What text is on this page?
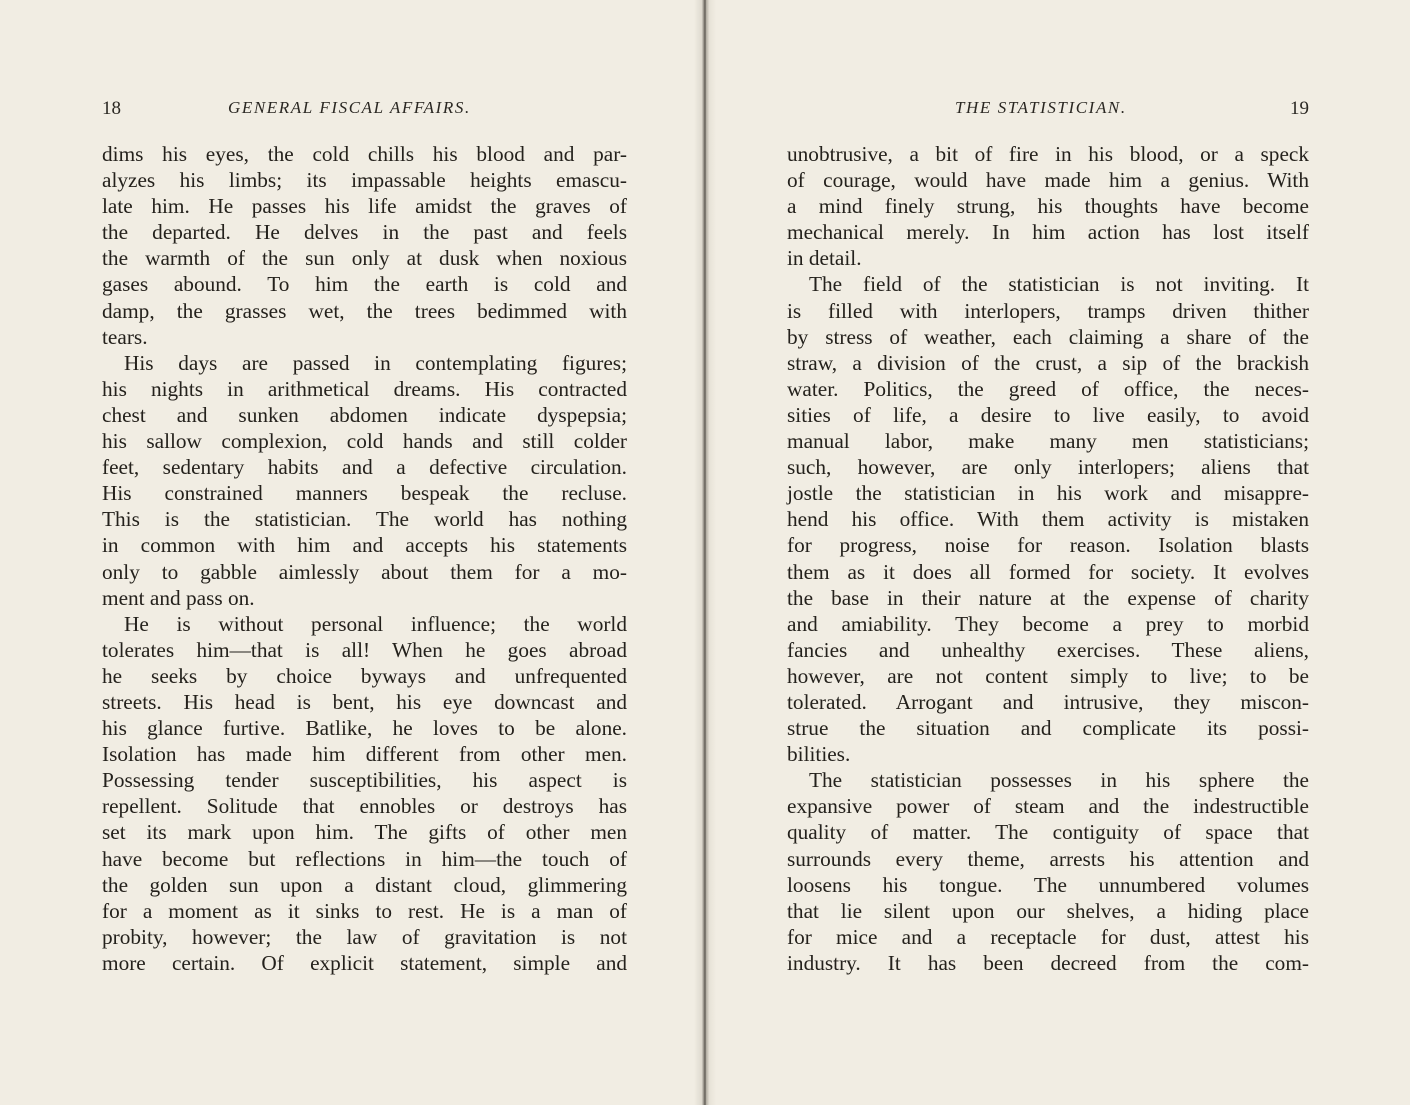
18	GENERAL FISCAL AFFAIRS.
dims his eyes, the cold chills his blood and par-
alyzes his limbs; its impassable heights emascu-
late him. He passes his life amidst the graves of
the departed. He delves in the past and feels
the warmth of the sun only at dusk when noxious
gases abound. To him the earth is cold and
damp, the grasses wet, the trees bedimmed with
tears.
His days are passed in contemplating figures;
his nights in arithmetical dreams. His contracted
chest and sunken abdomen indicate dyspepsia;
his sallow complexion, cold hands and still colder
feet, sedentary habits and a defective circulation.
His constrained manners bespeak the recluse.
This is the statistician. The world has nothing
in common with him and accepts his statements
only to gabble aimlessly about them for a mo-
ment and pass on.
He is without personal influence; the world
tolerates him—that is all! When he goes abroad
he seeks by choice byways and unfrequented
streets. His head is bent, his eye downcast and
his glance furtive. Batlike, he loves to be alone.
Isolation has made him different from other men.
Possessing tender susceptibilities, his aspect is
repellent. Solitude that ennobles or destroys has
set its mark upon him. The gifts of other men
have become but reflections in him—the touch of
the golden sun upon a distant cloud, glimmering
for a moment as it sinks to rest. He is a man of
probity, however; the law of gravitation is not
more certain. Of explicit statement, simple and
THE STATISTICIAN.	19
unobtrusive, a bit of fire in his blood, or a speck
of courage, would have made him a genius. With
a mind finely strung, his thoughts have become
mechanical merely. In him action has lost itself
in detail.
The field of the statistician is not inviting. It
is filled with interlopers, tramps driven thither
by stress of weather, each claiming a share of the
straw, a division of the crust, a sip of the brackish
water. Politics, the greed of office, the neces-
sities of life, a desire to live easily, to avoid
manual labor, make many men statisticians;
such, however, are only interlopers; aliens that
jostle the statistician in his work and misappre-
hend his office. With them activity is mistaken
for progress, noise for reason. Isolation blasts
them as it does all formed for society. It evolves
the base in their nature at the expense of charity
and amiability. They become a prey to morbid
fancies and unhealthy exercises. These aliens,
however, are not content simply to live; to be
tolerated. Arrogant and intrusive, they miscon-
strue the situation and complicate its possi-
bilities.
The statistician possesses in his sphere the
expansive power of steam and the indestructible
quality of matter. The contiguity of space that
surrounds every theme, arrests his attention and
loosens his tongue. The unnumbered volumes
that lie silent upon our shelves, a hiding place
for mice and a receptacle for dust, attest his
industry. It has been decreed from the com-
